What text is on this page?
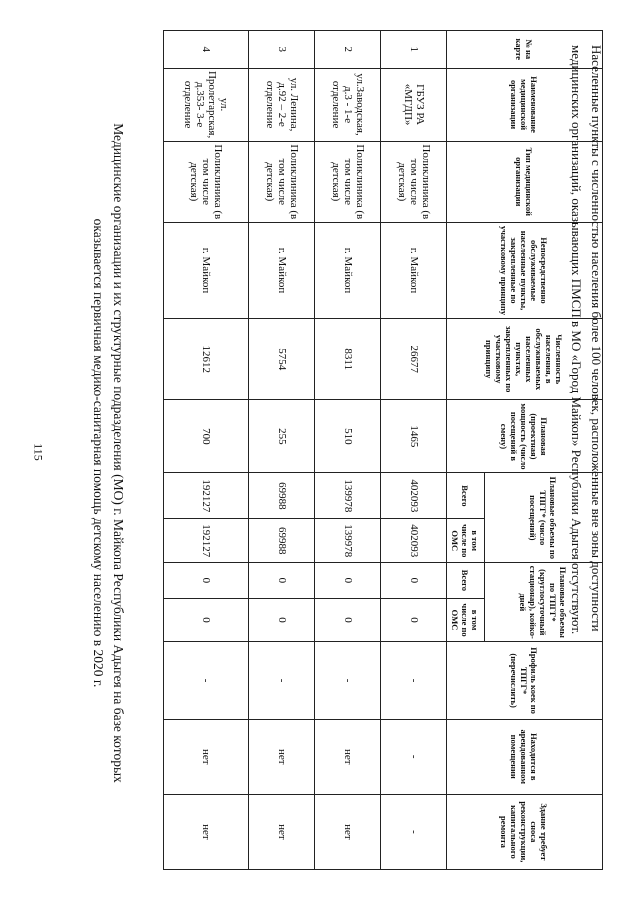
115	Медицинские организации и их структурные подразделения (МО) г. Майкопа Республики Адыгея на базе которых
оказывается первичная медико-санитарная помощь детскому населению в 2020 г.
№ на карте	Наименование медицинской организации	Тип медицинской организации	Непосредственно обслуживаемые населенные пункты, закрепленные по участковому принципу	Численность населения, в обслуживаемых населенных пунктах, закрепленных по участковому принципу	Плановая (проектная) мощность (число посещений в смену)	Плановые объемы по ТПГГ* (число посещений)		Плановые объемы по ТПГГ* (круглосуточный стационар), койко-дней		Профиль коек по ТПГГ* (перечислить)	Находится в арендованном помещении	Здание требует сноса реконструкции, капитального ремонта
						Всего	в том числе по ОМС	Всего	в том числе по ОМС			
1	ГБУЗ РА «МГДП»	Поликлиника (в том числе детская)	г. Майкоп	26677	1465	402093	402093	0	0	-	-	-
2	ул.Заводская, д.3 - 1-е отделение	Поликлиника (в том числе детская)	г. Майкоп	8311	510	139978	139978	0	0	-	нет	нет
3	ул. Ленина, д.92 – 2-е отделение	Поликлиника (в том числе детская)	г. Майкоп	5754	255	69988	69988	0	0	-	нет	нет
4	ул. Пролетарская, д.353- 3-е отделение	Поликлиника (в том числе детская)	г. Майкоп	12612	700	192127	192127	0	0	-	нет	нет
Населенные пункты с численностью населения более 100 человек, расположенные вне зоны доступности
медицинских организаций, оказывающих ПМСП в МО «Город Майкоп» Республики Адыгея отсутствуют.
